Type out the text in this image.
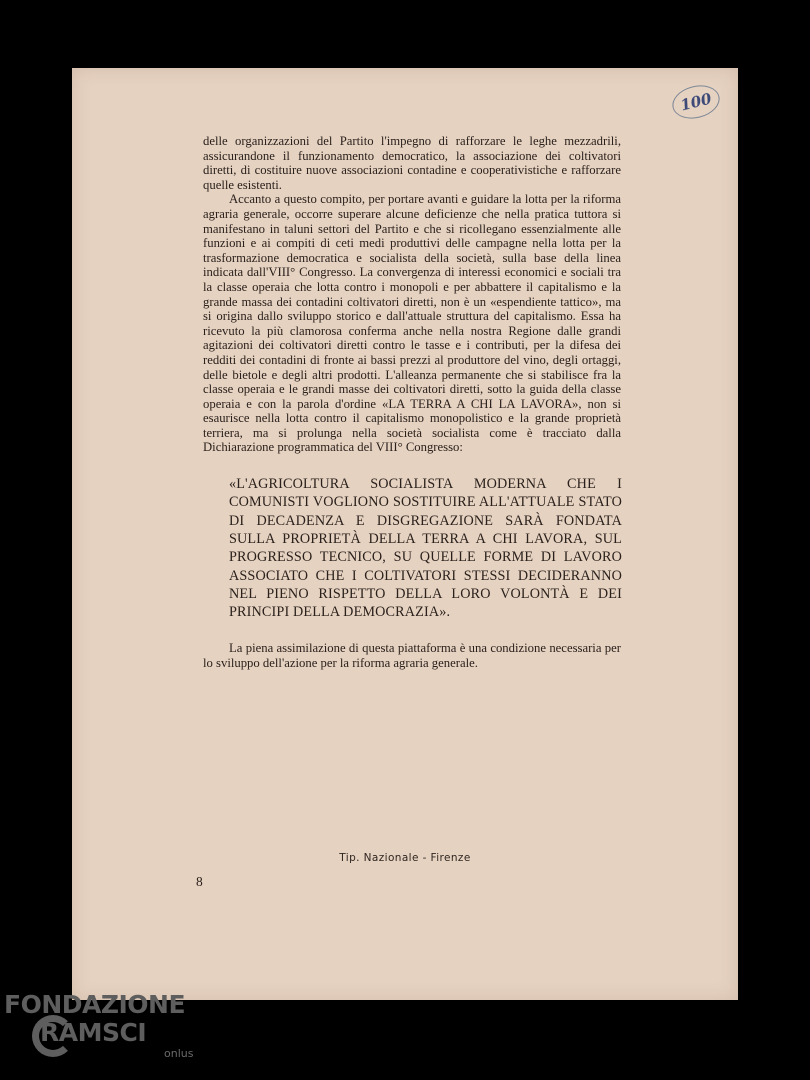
100

delle organizzazioni del Partito l'impegno di rafforzare le leghe mezzadrili, assicurandone il funzionamento democratico, la associazione dei coltivatori diretti, di costituire nuove associazioni contadine e cooperativistiche e rafforzare quelle esistenti.

Accanto a questo compito, per portare avanti e guidare la lotta per la riforma agraria generale, occorre superare alcune deficienze che nella pratica tuttora si manifestano in taluni settori del Partito e che si ricollegano essenzialmente alle funzioni e ai compiti di ceti medi produttivi delle campagne nella lotta per la trasformazione democratica e socialista della società, sulla base della linea indicata dall'VIII° Congresso. La convergenza di interessi economici e sociali tra la classe operaia che lotta contro i monopoli e per abbattere il capitalismo e la grande massa dei contadini coltivatori diretti, non è un «espendiente tattico», ma si origina dallo sviluppo storico e dall'attuale struttura del capitalismo. Essa ha ricevuto la più clamorosa conferma anche nella nostra Regione dalle grandi agitazioni dei coltivatori diretti contro le tasse e i contributi, per la difesa dei redditi dei contadini di fronte ai bassi prezzi al produttore del vino, degli ortaggi, delle bietole e degli altri prodotti. L'alleanza permanente che si stabilisce fra la classe operaia e le grandi masse dei coltivatori diretti, sotto la guida della classe operaia e con la parola d'ordine «LA TERRA A CHI LA LAVORA», non si esaurisce nella lotta contro il capitalismo monopolistico e la grande proprietà terriera, ma si prolunga nella società socialista come è tracciato dalla Dichiarazione programmatica del VIII° Congresso:

«L'AGRICOLTURA SOCIALISTA MODERNA CHE I COMUNISTI VOGLIONO SOSTITUIRE ALL'ATTUALE STATO DI DECADENZA E DISGREGAZIONE SARÀ FONDATA SULLA PROPRIETÀ DELLA TERRA A CHI LAVORA, SUL PROGRESSO TECNICO, SU QUELLE FORME DI LAVORO ASSOCIATO CHE I COLTIVATORI STESSI DECIDERANNO NEL PIENO RISPETTO DELLA LORO VOLONTÀ E DEI PRINCIPI DELLA DEMOCRAZIA».

La piena assimilazione di questa piattaforma è una condizione necessaria per lo sviluppo dell'azione per la riforma agraria generale.

Tip. Nazionale - Firenze
8
FONDAZIONE
RAMSCI
onlus
